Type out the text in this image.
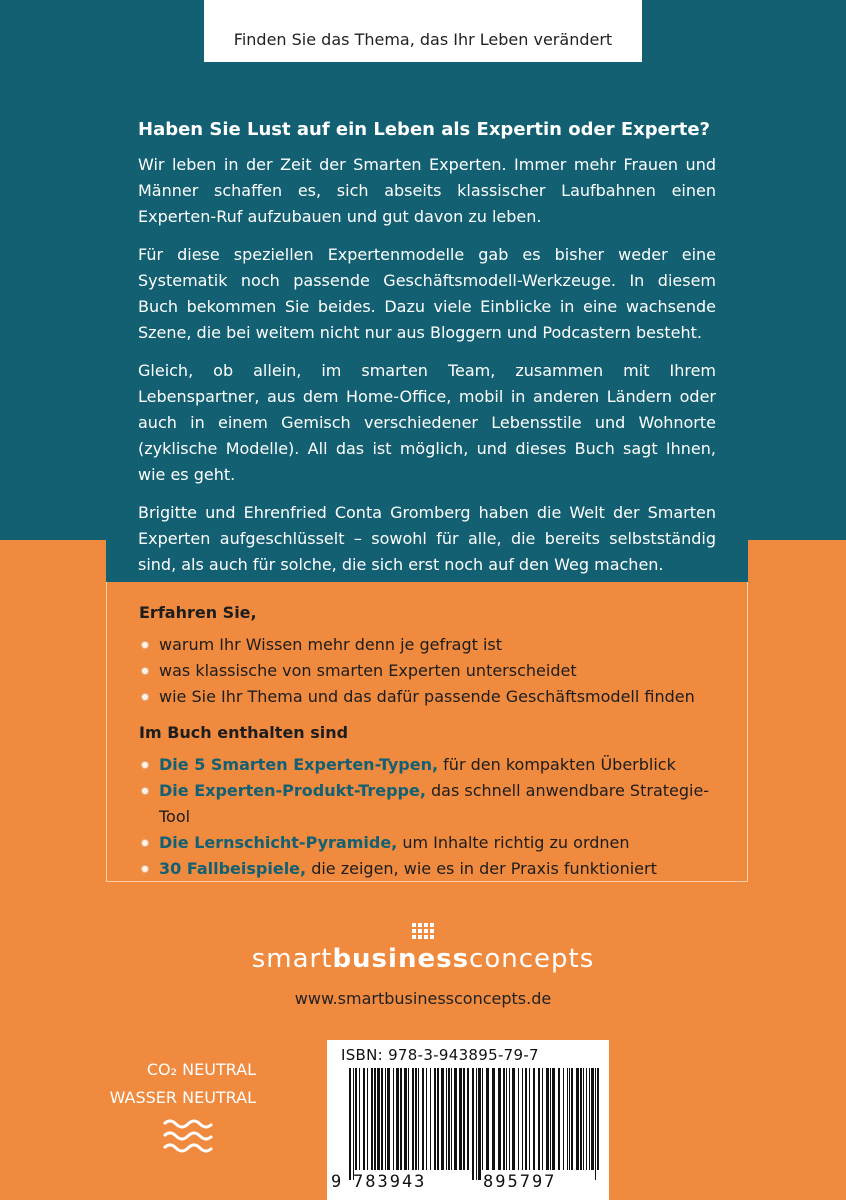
Finden Sie das Thema, das Ihr Leben verändert
Haben Sie Lust auf ein Leben als Expertin oder Experte?

Wir leben in der Zeit der Smarten Experten. Immer mehr Frauen und Männer schaffen es, sich abseits klassischer Laufbahnen einen Experten-Ruf aufzubauen und gut davon zu leben.

Für diese speziellen Expertenmodelle gab es bisher weder eine Systematik noch passende Geschäftsmodell-Werkzeuge. In diesem Buch bekommen Sie beides. Dazu viele Einblicke in eine wachsende Szene, die bei weitem nicht nur aus Bloggern und Podcastern besteht.

Gleich, ob allein, im smarten Team, zusammen mit Ihrem Lebenspartner, aus dem Home-Office, mobil in anderen Ländern oder auch in einem Gemisch verschiedener Lebensstile und Wohnorte (zyklische Modelle). All das ist möglich, und dieses Buch sagt Ihnen, wie es geht.

Brigitte und Ehrenfried Conta Gromberg haben die Welt der Smarten Experten aufgeschlüsselt – sowohl für alle, die bereits selbstständig sind, als auch für solche, die sich erst noch auf den Weg machen.

Erfahren Sie,
warum Ihr Wissen mehr denn je gefragt ist
was klassische von smarten Experten unterscheidet
wie Sie Ihr Thema und das dafür passende Geschäftsmodell finden
Im Buch enthalten sind
Die 5 Smarten Experten-Typen, für den kompakten Überblick
Die Experten-Produkt-Treppe, das schnell anwendbare Strategie-Tool
Die Lernschicht-Pyramide, um Inhalte richtig zu ordnen
30 Fallbeispiele, die zeigen, wie es in der Praxis funktioniert
smartbusinessconcepts
www.smartbusinessconcepts.de
CO₂ NEUTRAL
WASSER NEUTRAL
ISBN: 978-3-943895-79-7
9 783943	895797
